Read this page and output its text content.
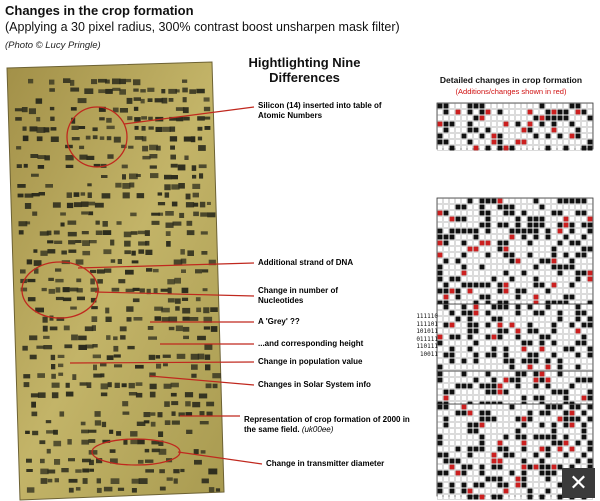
Changes in the crop formation
(Applying a 30 pixel radius, 300% contrast boost unsharpen mask filter)
(Photo © Lucy Pringle)
Hightlighting Nine Differences	Detailed changes in crop formation
(Additions/changes shown in red)
Silicon (14) inserted into table of Atomic Numbers
Additional strand of DNA
Change in number of Nucleotides
A 'Grey' ??
...and corresponding height
Change in population value
Changes in Solar System info
Representation of crop formation of 2000 in the same field. (uk00ee)
Change in transmitter diameter
111110
111101
101011
011111
110111
10011
✕
